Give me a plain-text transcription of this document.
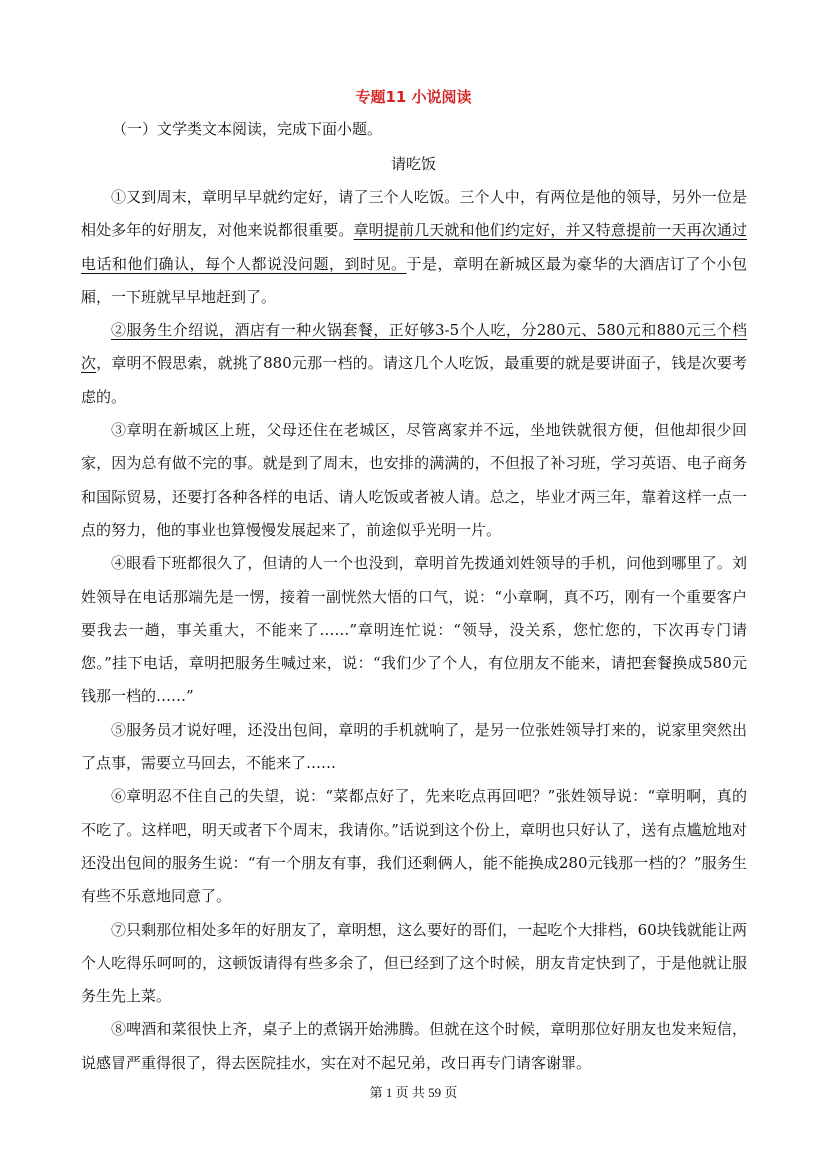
专题11 小说阅读
（一）文学类文本阅读，完成下面小题。
请吃饭

①又到周末，章明早早就约定好，请了三个人吃饭。三个人中，有两位是他的领导，另外一位是相处多年的好朋友，对他来说都很重要。章明提前几天就和他们约定好，并又特意提前一天再次通过电话和他们确认，每个人都说没问题，到时见。于是，章明在新城区最为豪华的大酒店订了个小包厢，一下班就早早地赶到了。

②服务生介绍说，酒店有一种火锅套餐，正好够3-5个人吃，分280元、580元和880元三个档次，章明不假思索，就挑了880元那一档的。请这几个人吃饭，最重要的就是要讲面子，钱是次要考虑的。

③章明在新城区上班，父母还住在老城区，尽管离家并不远，坐地铁就很方便，但他却很少回家，因为总有做不完的事。就是到了周末，也安排的满满的，不但报了补习班，学习英语、电子商务和国际贸易，还要打各种各样的电话、请人吃饭或者被人请。总之，毕业才两三年，靠着这样一点一点的努力，他的事业也算慢慢发展起来了，前途似乎光明一片。

④眼看下班都很久了，但请的人一个也没到，章明首先拨通刘姓领导的手机，问他到哪里了。刘姓领导在电话那端先是一愣，接着一副恍然大悟的口气，说：“小章啊，真不巧，刚有一个重要客户要我去一趟，事关重大，不能来了……”章明连忙说：“领导，没关系，您忙您的，下次再专门请您。”挂下电话，章明把服务生喊过来，说：“我们少了个人，有位朋友不能来，请把套餐换成580元钱那一档的……”

⑤服务员才说好哩，还没出包间，章明的手机就响了，是另一位张姓领导打来的，说家里突然出了点事，需要立马回去，不能来了……

⑥章明忍不住自己的失望，说：“菜都点好了，先来吃点再回吧？”张姓领导说：“章明啊，真的不吃了。这样吧，明天或者下个周末，我请你。”话说到这个份上，章明也只好认了，送有点尴尬地对还没出包间的服务生说：“有一个朋友有事，我们还剩俩人，能不能换成280元钱那一档的？”服务生有些不乐意地同意了。

⑦只剩那位相处多年的好朋友了，章明想，这么要好的哥们，一起吃个大排档，60块钱就能让两个人吃得乐呵呵的，这顿饭请得有些多余了，但已经到了这个时候，朋友肯定快到了，于是他就让服务生先上菜。

⑧啤酒和菜很快上齐，桌子上的煮锅开始沸腾。但就在这个时候，章明那位好朋友也发来短信，说感冒严重得很了，得去医院挂水，实在对不起兄弟，改日再专门请客谢罪。

第 1 页 共 59 页
